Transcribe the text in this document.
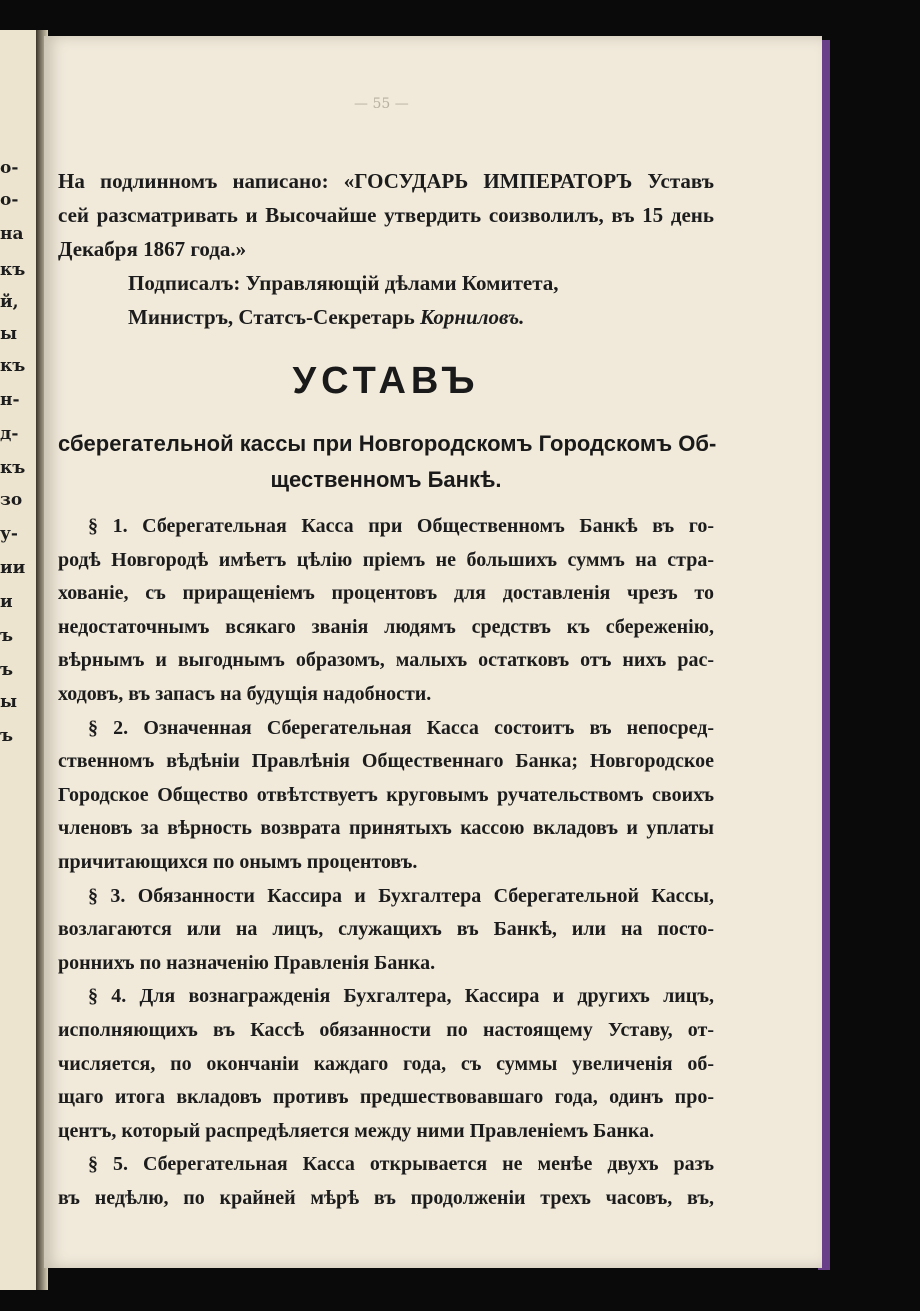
о-
о-
на
къ
й,
ы
къ
н-
д-
къ
зо
у-
ии
и
ъ
ъ
ы
ъ
— 55 —
На подлинномъ написано: «ГОСУДАРЬ ИМПЕРАТОРЪ Уставъ
сей разсматривать и Высочайше утвердить соизволилъ, въ 15 день
Декабря 1867 года.»
Подписалъ: Управляющій дѣлами Комитета,
Министръ, Статсъ-Секретарь Корниловъ.
УСТАВЪ
сберегательной кассы при Новгородскомъ Городскомъ Об-
щественномъ Банкѣ.
§ 1. Сберегательная Касса при Общественномъ Банкѣ въ го-
родѣ Новгородѣ имѣетъ цѣлію пріемъ не большихъ суммъ на стра-
хованіе, съ приращеніемъ процентовъ для доставленія чрезъ то
недостаточнымъ всякаго званія людямъ средствъ къ сбереженію,
вѣрнымъ и выгоднымъ образомъ, малыхъ остатковъ отъ нихъ рас-
ходовъ, въ запасъ на будущія надобности.
§ 2. Означенная Сберегательная Касса состоитъ въ непосред-
ственномъ вѣдѣніи Правлѣнія Общественнаго Банка; Новгородское
Городское Общество отвѣтствуетъ круговымъ ручательствомъ своихъ
членовъ за вѣрность возврата принятыхъ кассою вкладовъ и уплаты
причитающихся по онымъ процентовъ.
§ 3. Обязанности Кассира и Бухгалтера Сберегательной Кассы,
возлагаются или на лицъ, служащихъ въ Банкѣ, или на посто-
роннихъ по назначенію Правленія Банка.
§ 4. Для вознагражденія Бухгалтера, Кассира и другихъ лицъ,
исполняющихъ въ Кассѣ обязанности по настоящему Уставу, от-
числяется, по окончаніи каждаго года, съ суммы увеличенія об-
щаго итога вкладовъ противъ предшествовавшаго года, одинъ про-
центъ, который распредѣляется между ними Правленіемъ Банка.
§ 5. Сберегательная Касса открывается не менѣе двухъ разъ
въ недѣлю, по крайней мѣрѣ въ продолженіи трехъ часовъ, въ,
